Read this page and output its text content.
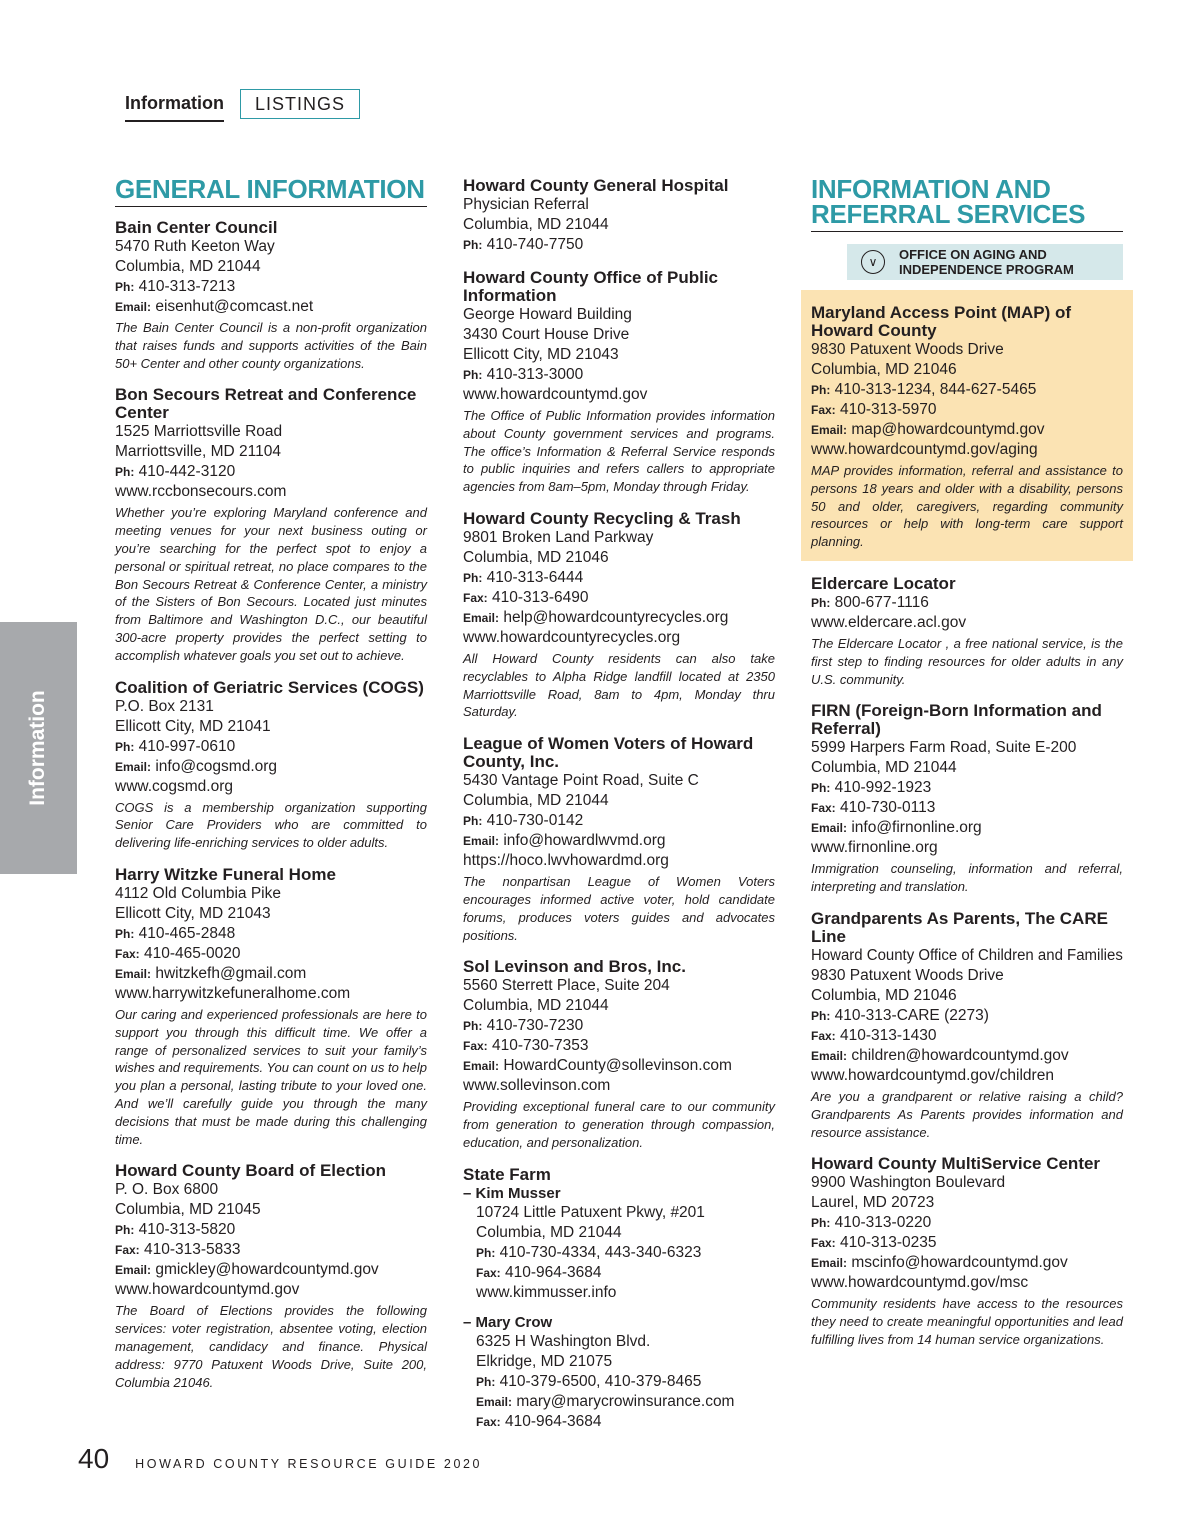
Information	LISTINGS
Information
GENERAL INFORMATION
Bain Center Council
5470 Ruth Keeton Way
Columbia, MD 21044
Ph: 410-313-7213
Email: eisenhut@comcast.net
The Bain Center Council is a non-profit organization that raises funds and supports activities of the Bain 50+ Center and other county organizations.
Bon Secours Retreat and Conference Center
1525 Marriottsville Road
Marriottsville, MD 21104
Ph: 410-442-3120
www.rccbonsecours.com
Whether you’re exploring Maryland conference and meeting venues for your next business outing or you’re searching for the perfect spot to enjoy a personal or spiritual retreat, no place compares to the Bon Secours Retreat & Conference Center, a ministry of the Sisters of Bon Secours. Located just minutes from Baltimore and Washington D.C., our beautiful 300-acre property provides the perfect setting to accomplish whatever goals you set out to achieve.
Coalition of Geriatric Services (COGS)
P.O. Box 2131
Ellicott City, MD 21041
Ph: 410-997-0610
Email: info@cogsmd.org
www.cogsmd.org
COGS is a membership organization supporting Senior Care Providers who are committed to delivering life-enriching services to older adults.
Harry Witzke Funeral Home
4112 Old Columbia Pike
Ellicott City, MD 21043
Ph: 410-465-2848
Fax: 410-465-0020
Email: hwitzkefh@gmail.com
www.harrywitzkefuneralhome.com
Our caring and experienced professionals are here to support you through this difficult time. We offer a range of personalized services to suit your family’s wishes and requirements. You can count on us to help you plan a personal, lasting tribute to your loved one. And we’ll carefully guide you through the many decisions that must be made during this challenging time.
Howard County Board of Election
P. O. Box 6800
Columbia, MD 21045
Ph: 410-313-5820
Fax: 410-313-5833
Email: gmickley@howardcountymd.gov
www.howardcountymd.gov
The Board of Elections provides the following services: voter registration, absentee voting, election management, candidacy and finance. Physical address: 9770 Patuxent Woods Drive, Suite 200, Columbia 21046.
Howard County General Hospital
Physician Referral
Columbia, MD 21044
Ph: 410-740-7750
Howard County Office of Public Information
George Howard Building
3430 Court House Drive
Ellicott City, MD 21043
Ph: 410-313-3000
www.howardcountymd.gov
The Office of Public Information provides information about County government services and programs. The office’s Information & Referral Service responds to public inquiries and refers callers to appropriate agencies from 8am–5pm, Monday through Friday.
Howard County Recycling & Trash
9801 Broken Land Parkway
Columbia, MD 21046
Ph: 410-313-6444
Fax: 410-313-6490
Email: help@howardcountyrecycles.org
www.howardcountyrecycles.org
All Howard County residents can also take recyclables to Alpha Ridge landfill located at 2350 Marriottsville Road, 8am to 4pm, Monday thru Saturday.
League of Women Voters of Howard County, Inc.
5430 Vantage Point Road, Suite C
Columbia, MD 21044
Ph: 410-730-0142
Email: info@howardlwvmd.org
https://hoco.lwvhowardmd.org
The nonpartisan League of Women Voters encourages informed active voter, hold candidate forums, produces voters guides and advocates positions.
Sol Levinson and Bros, Inc.
5560 Sterrett Place, Suite 204
Columbia, MD 21044
Ph: 410-730-7230
Fax: 410-730-7353
Email: HowardCounty@sollevinson.com
www.sollevinson.com
Providing exceptional funeral care to our community from generation to generation through compassion, education, and personalization.
State Farm
– Kim Musser
10724 Little Patuxent Pkwy, #201
Columbia, MD 21044
Ph: 410-730-4334, 443-340-6323
Fax: 410-964-3684
www.kimmusser.info
– Mary Crow
6325 H Washington Blvd.
Elkridge, MD 21075
Ph: 410-379-6500, 410-379-8465
Email: mary@marycrowinsurance.com
Fax: 410-964-3684
INFORMATION AND REFERRAL SERVICES
∨​	OFFICE ON AGING AND
INDEPENDENCE PROGRAM
Maryland Access Point (MAP) of Howard County
9830 Patuxent Woods Drive
Columbia, MD 21046
Ph: 410-313-1234, 844-627-5465
Fax: 410-313-5970
Email: map@howardcountymd.gov
www.howardcountymd.gov/aging
MAP provides information, referral and assistance to persons 18 years and older with a disability, persons 50 and older, caregivers, regarding community resources or help with long-term care support planning.
Eldercare Locator
Ph: 800-677-1116
www.eldercare.acl.gov
The Eldercare Locator , a free national service, is the first step to finding resources for older adults in any U.S. community.
FIRN (Foreign-Born Information and Referral)
5999 Harpers Farm Road, Suite E-200
Columbia, MD 21044
Ph: 410-992-1923
Fax: 410-730-0113
Email: info@firnonline.org
www.firnonline.org
Immigration counseling, information and referral, interpreting and translation.
Grandparents As Parents, The CARE Line
Howard County Office of Children and Families
9830 Patuxent Woods Drive
Columbia, MD 21046
Ph: 410-313-CARE (2273)
Fax: 410-313-1430
Email: children@howardcountymd.gov
www.howardcountymd.gov/children
Are you a grandparent or relative raising a child? Grandparents As Parents provides information and resource assistance.
Howard County MultiService Center
9900 Washington Boulevard
Laurel, MD 20723
Ph: 410-313-0220
Fax: 410-313-0235
Email: mscinfo@howardcountymd.gov
www.howardcountymd.gov/msc
Community residents have access to the resources they need to create meaningful opportunities and lead fulfilling lives from 14 human service organizations.
40 HOWARD COUNTY RESOURCE GUIDE 2020
